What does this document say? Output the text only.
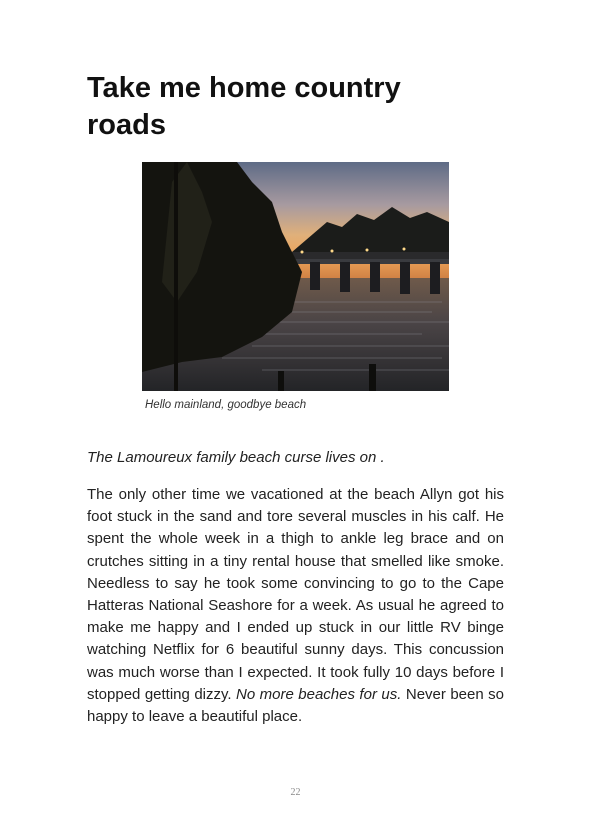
Take me home country roads
Hello mainland, goodbye beach

The Lamoureux family beach curse lives on .

The only other time we vacationed at the beach Allyn got his foot stuck in the sand and tore several muscles in his calf. He spent the whole week in a thigh to ankle leg brace and on crutches sitting in a tiny rental house that smelled like smoke. Needless to say he took some convincing to go to the Cape Hatteras National Seashore for a week. As usual he agreed to make me happy and I ended up stuck in our little RV binge watching Netflix for 6 beautiful sunny days. This concussion was much worse than I expected. It took fully 10 days before I stopped getting dizzy. No more beaches for us. Never been so happy to leave a beautiful place.

22
